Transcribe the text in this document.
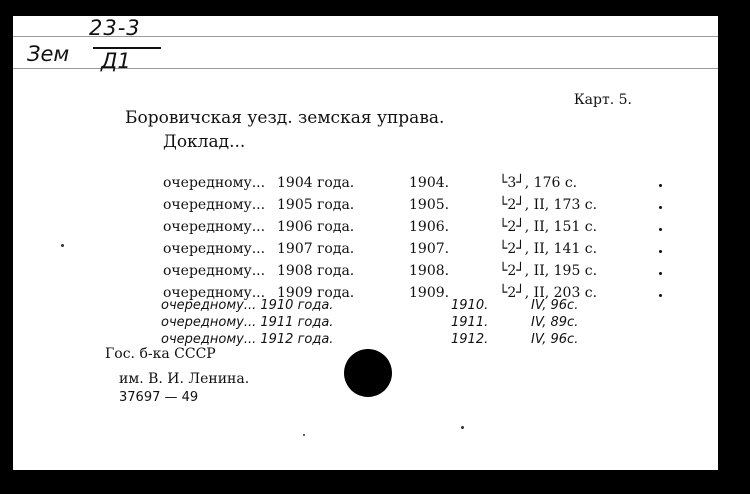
23-3
Д1
Зем
Карт. 5.
Боровичская уезд. земская управа.
Доклад...
очередному... 1904 года.	1904.	└3┘, 176 с.
очередному... 1905 года.	1905.	└2┘, II, 173 с.
очередному... 1906 года.	1906.	└2┘, II, 151 с.
очередному... 1907 года.	1907.	└2┘, II, 141 с.
очередному... 1908 года.	1908.	└2┘, II, 195 с.
очередному... 1909 года.	1909.	└2┘, II, 203 с.
очередному... 1910 года.	1910.	IV, 96с.
очередному... 1911 года.	1911.	IV, 89с.
очередному... 1912 года.	1912.	IV, 96с.
Гос. б-ка СССР
им. В. И. Ленина.
37697 — 49
